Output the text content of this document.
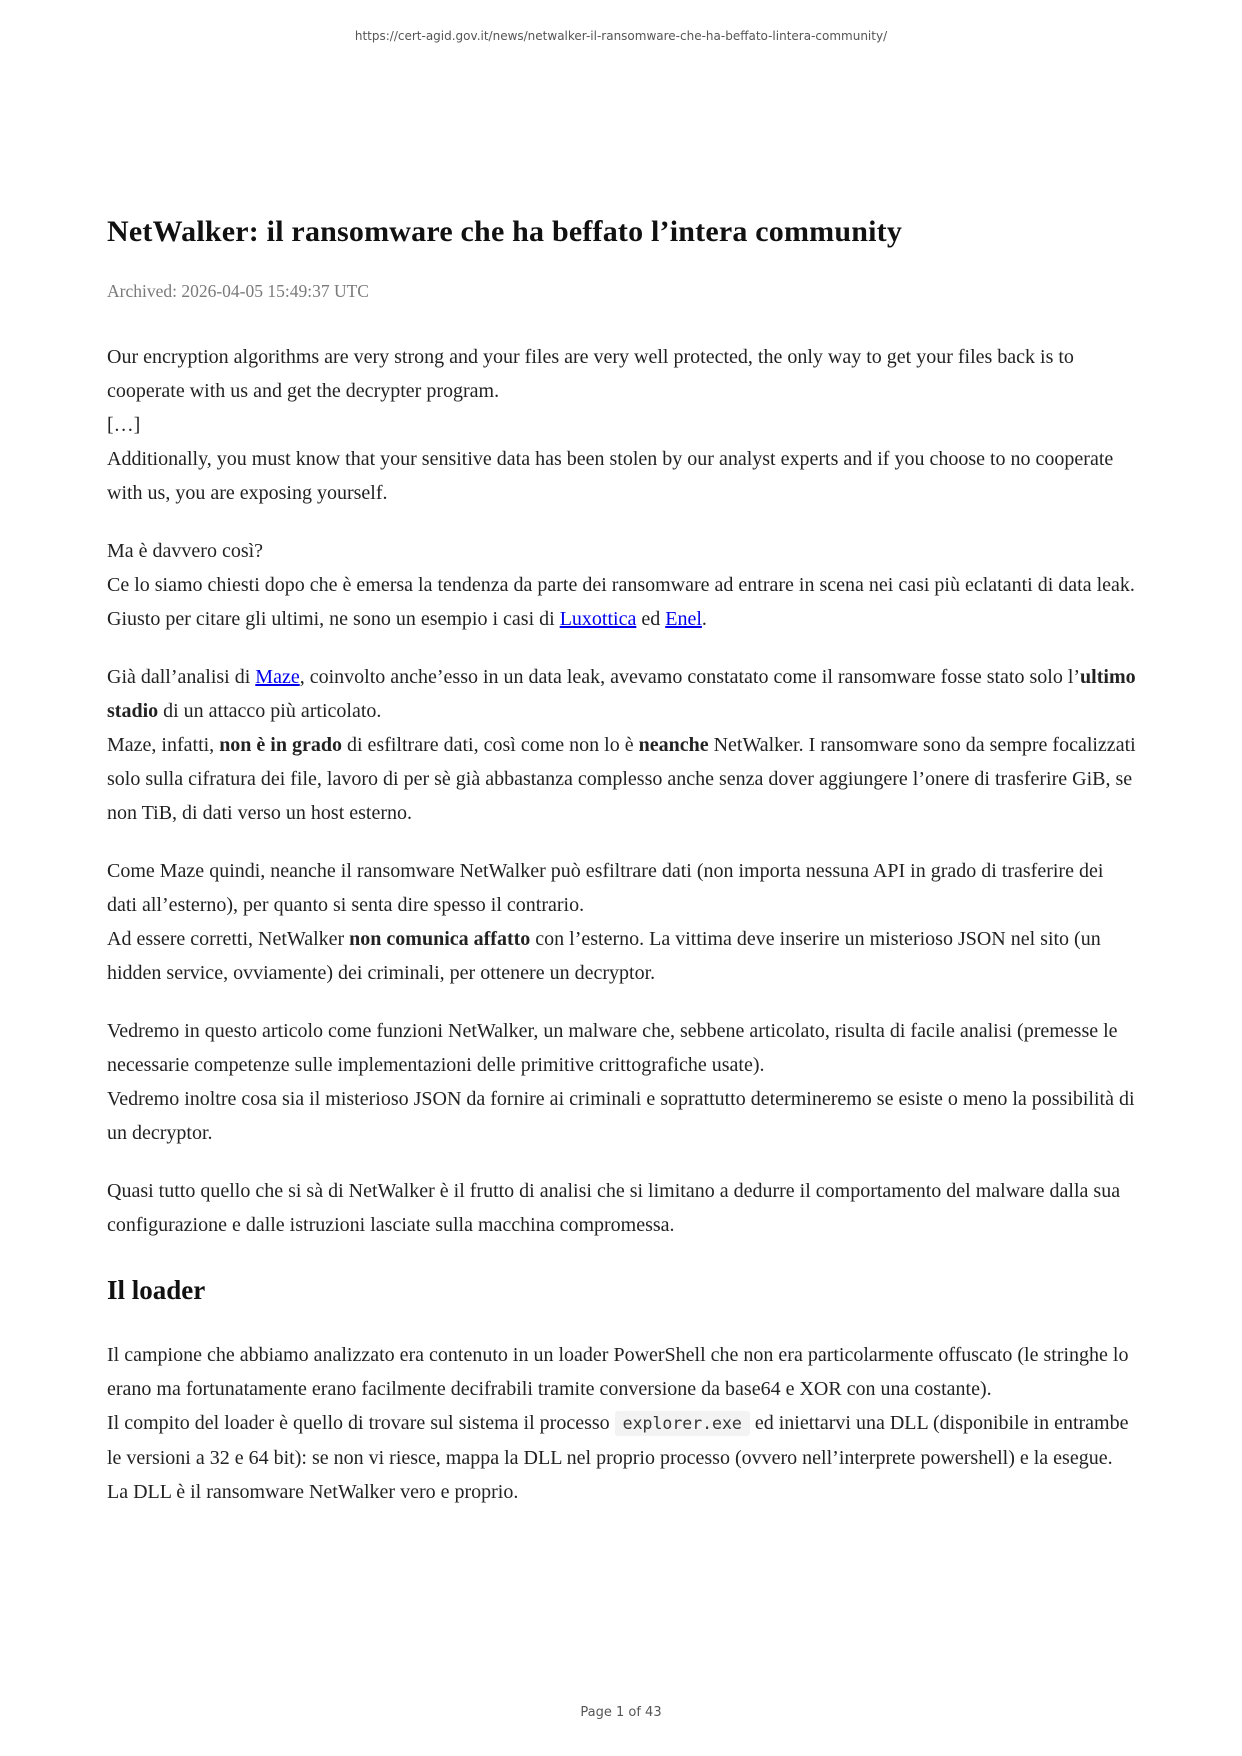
https://cert-agid.gov.it/news/netwalker-il-ransomware-che-ha-beffato-lintera-community/
NetWalker: il ransomware che ha beffato l’intera community
Archived: 2026-04-05 15:49:37 UTC

Our encryption algorithms are very strong and your files are very well protected, the only way to get your files back is to cooperate with us and get the decrypter program.
[…]
Additionally, you must know that your sensitive data has been stolen by our analyst experts and if you choose to no cooperate with us, you are exposing yourself.

Ma è davvero così?
Ce lo siamo chiesti dopo che è emersa la tendenza da parte dei ransomware ad entrare in scena nei casi più eclatanti di data leak.
Giusto per citare gli ultimi, ne sono un esempio i casi di Luxottica ed Enel.

Già dall’analisi di Maze, coinvolto anche’esso in un data leak, avevamo constatato come il ransomware fosse stato solo l’ultimo stadio di un attacco più articolato.
Maze, infatti, non è in grado di esfiltrare dati, così come non lo è neanche NetWalker. I ransomware sono da sempre focalizzati solo sulla cifratura dei file, lavoro di per sè già abbastanza complesso anche senza dover aggiungere l’onere di trasferire GiB, se non TiB, di dati verso un host esterno.

Come Maze quindi, neanche il ransomware NetWalker può esfiltrare dati (non importa nessuna API in grado di trasferire dei dati all’esterno), per quanto si senta dire spesso il contrario.
Ad essere corretti, NetWalker non comunica affatto con l’esterno. La vittima deve inserire un misterioso JSON nel sito (un hidden service, ovviamente) dei criminali, per ottenere un decryptor.

Vedremo in questo articolo come funzioni NetWalker, un malware che, sebbene articolato, risulta di facile analisi (premesse le necessarie competenze sulle implementazioni delle primitive crittografiche usate).
Vedremo inoltre cosa sia il misterioso JSON da fornire ai criminali e soprattutto determineremo se esiste o meno la possibilità di un decryptor.

Quasi tutto quello che si sà di NetWalker è il frutto di analisi che si limitano a dedurre il comportamento del malware dalla sua configurazione e dalle istruzioni lasciate sulla macchina compromessa.

Il loader

Il campione che abbiamo analizzato era contenuto in un loader PowerShell che non era particolarmente offuscato (le stringhe lo erano ma fortunatamente erano facilmente decifrabili tramite conversione da base64 e XOR con una costante).
Il compito del loader è quello di trovare sul sistema il processo explorer.exe ed iniettarvi una DLL (disponibile in entrambe le versioni a 32 e 64 bit): se non vi riesce, mappa la DLL nel proprio processo (ovvero nell’interprete powershell) e la esegue.
La DLL è il ransomware NetWalker vero e proprio.

Page 1 of 43
